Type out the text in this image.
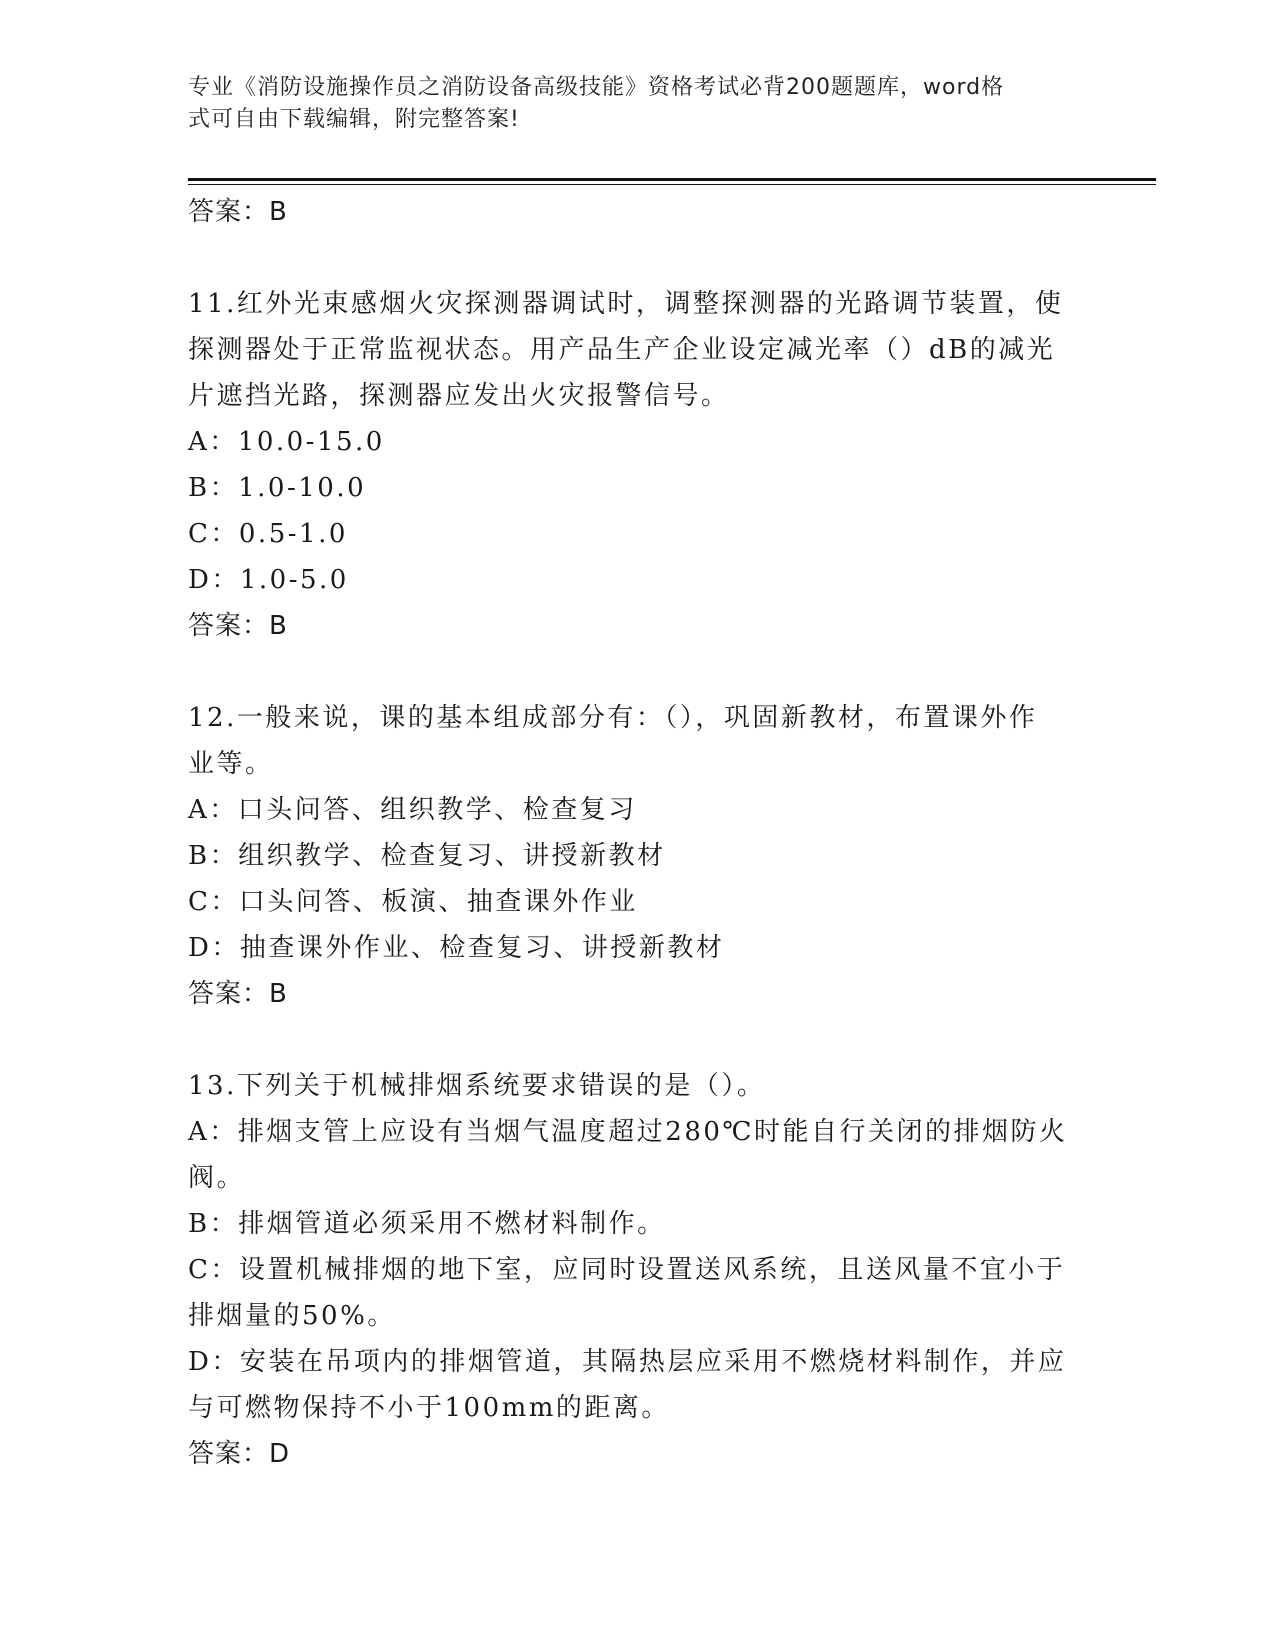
专业《消防设施操作员之消防设备高级技能》资格考试必背200题题库，word格
式可自由下载编辑，附完整答案!
答案：B
11.红外光束感烟火灾探测器调试时，调整探测器的光路调节装置，使
探测器处于正常监视状态。用产品生产企业设定减光率（）dB的减光
片遮挡光路，探测器应发出火灾报警信号。
A：10.0-15.0
B：1.0-10.0
C：0.5-1.0
D：1.0-5.0
答案：B
12.一般来说，课的基本组成部分有：（），巩固新教材，布置课外作
业等。
A：口头问答、组织教学、检查复习
B：组织教学、检查复习、讲授新教材
C：口头问答、板演、抽查课外作业
D：抽查课外作业、检查复习、讲授新教材
答案：B
13.下列关于机械排烟系统要求错误的是（）。
A：排烟支管上应设有当烟气温度超过280℃时能自行关闭的排烟防火
阀。
B：排烟管道必须采用不燃材料制作。
C：设置机械排烟的地下室，应同时设置送风系统，且送风量不宜小于
排烟量的50%。
D：安装在吊项内的排烟管道，其隔热层应采用不燃烧材料制作，并应
与可燃物保持不小于100mm的距离。
答案：D
